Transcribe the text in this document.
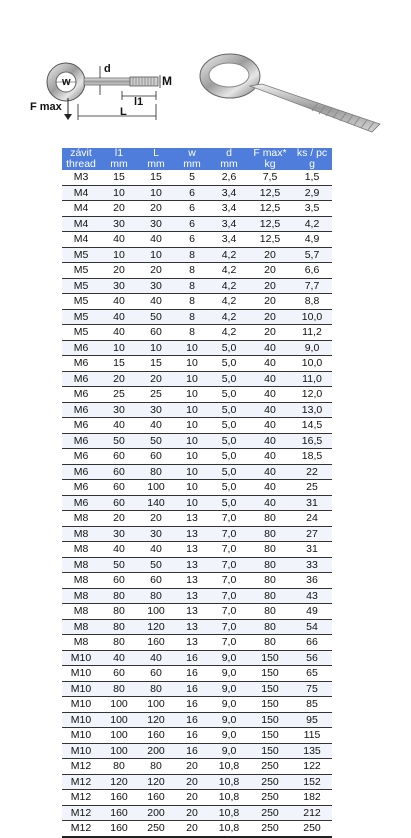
d
M
w
l1
L
F max
závit	l1	L	w	d	F max*	ks / pc
thread	mm	mm	mm	mm	kg	g
M3	15	15	5	2,6	7,5	1,5
M4	10	10	6	3,4	12,5	2,9
M4	20	20	6	3,4	12,5	3,5
M4	30	30	6	3,4	12,5	4,2
M4	40	40	6	3,4	12,5	4,9
M5	10	10	8	4,2	20	5,7
M5	20	20	8	4,2	20	6,6
M5	30	30	8	4,2	20	7,7
M5	40	40	8	4,2	20	8,8
M5	40	50	8	4,2	20	10,0
M5	40	60	8	4,2	20	11,2
M6	10	10	10	5,0	40	9,0
M6	15	15	10	5,0	40	10,0
M6	20	20	10	5,0	40	11,0
M6	25	25	10	5,0	40	12,0
M6	30	30	10	5,0	40	13,0
M6	40	40	10	5,0	40	14,5
M6	50	50	10	5,0	40	16,5
M6	60	60	10	5,0	40	18,5
M6	60	80	10	5,0	40	22
M6	60	100	10	5,0	40	25
M6	60	140	10	5,0	40	31
M8	20	20	13	7,0	80	24
M8	30	30	13	7,0	80	27
M8	40	40	13	7,0	80	31
M8	50	50	13	7,0	80	33
M8	60	60	13	7,0	80	36
M8	80	80	13	7,0	80	43
M8	80	100	13	7,0	80	49
M8	80	120	13	7,0	80	54
M8	80	160	13	7,0	80	66
M10	40	40	16	9,0	150	56
M10	60	60	16	9,0	150	65
M10	80	80	16	9,0	150	75
M10	100	100	16	9,0	150	85
M10	100	120	16	9,0	150	95
M10	100	160	16	9,0	150	115
M10	100	200	16	9,0	150	135
M12	80	80	20	10,8	250	122
M12	120	120	20	10,8	250	152
M12	160	160	20	10,8	250	182
M12	160	200	20	10,8	250	212
M12	160	250	20	10,8	250	250
